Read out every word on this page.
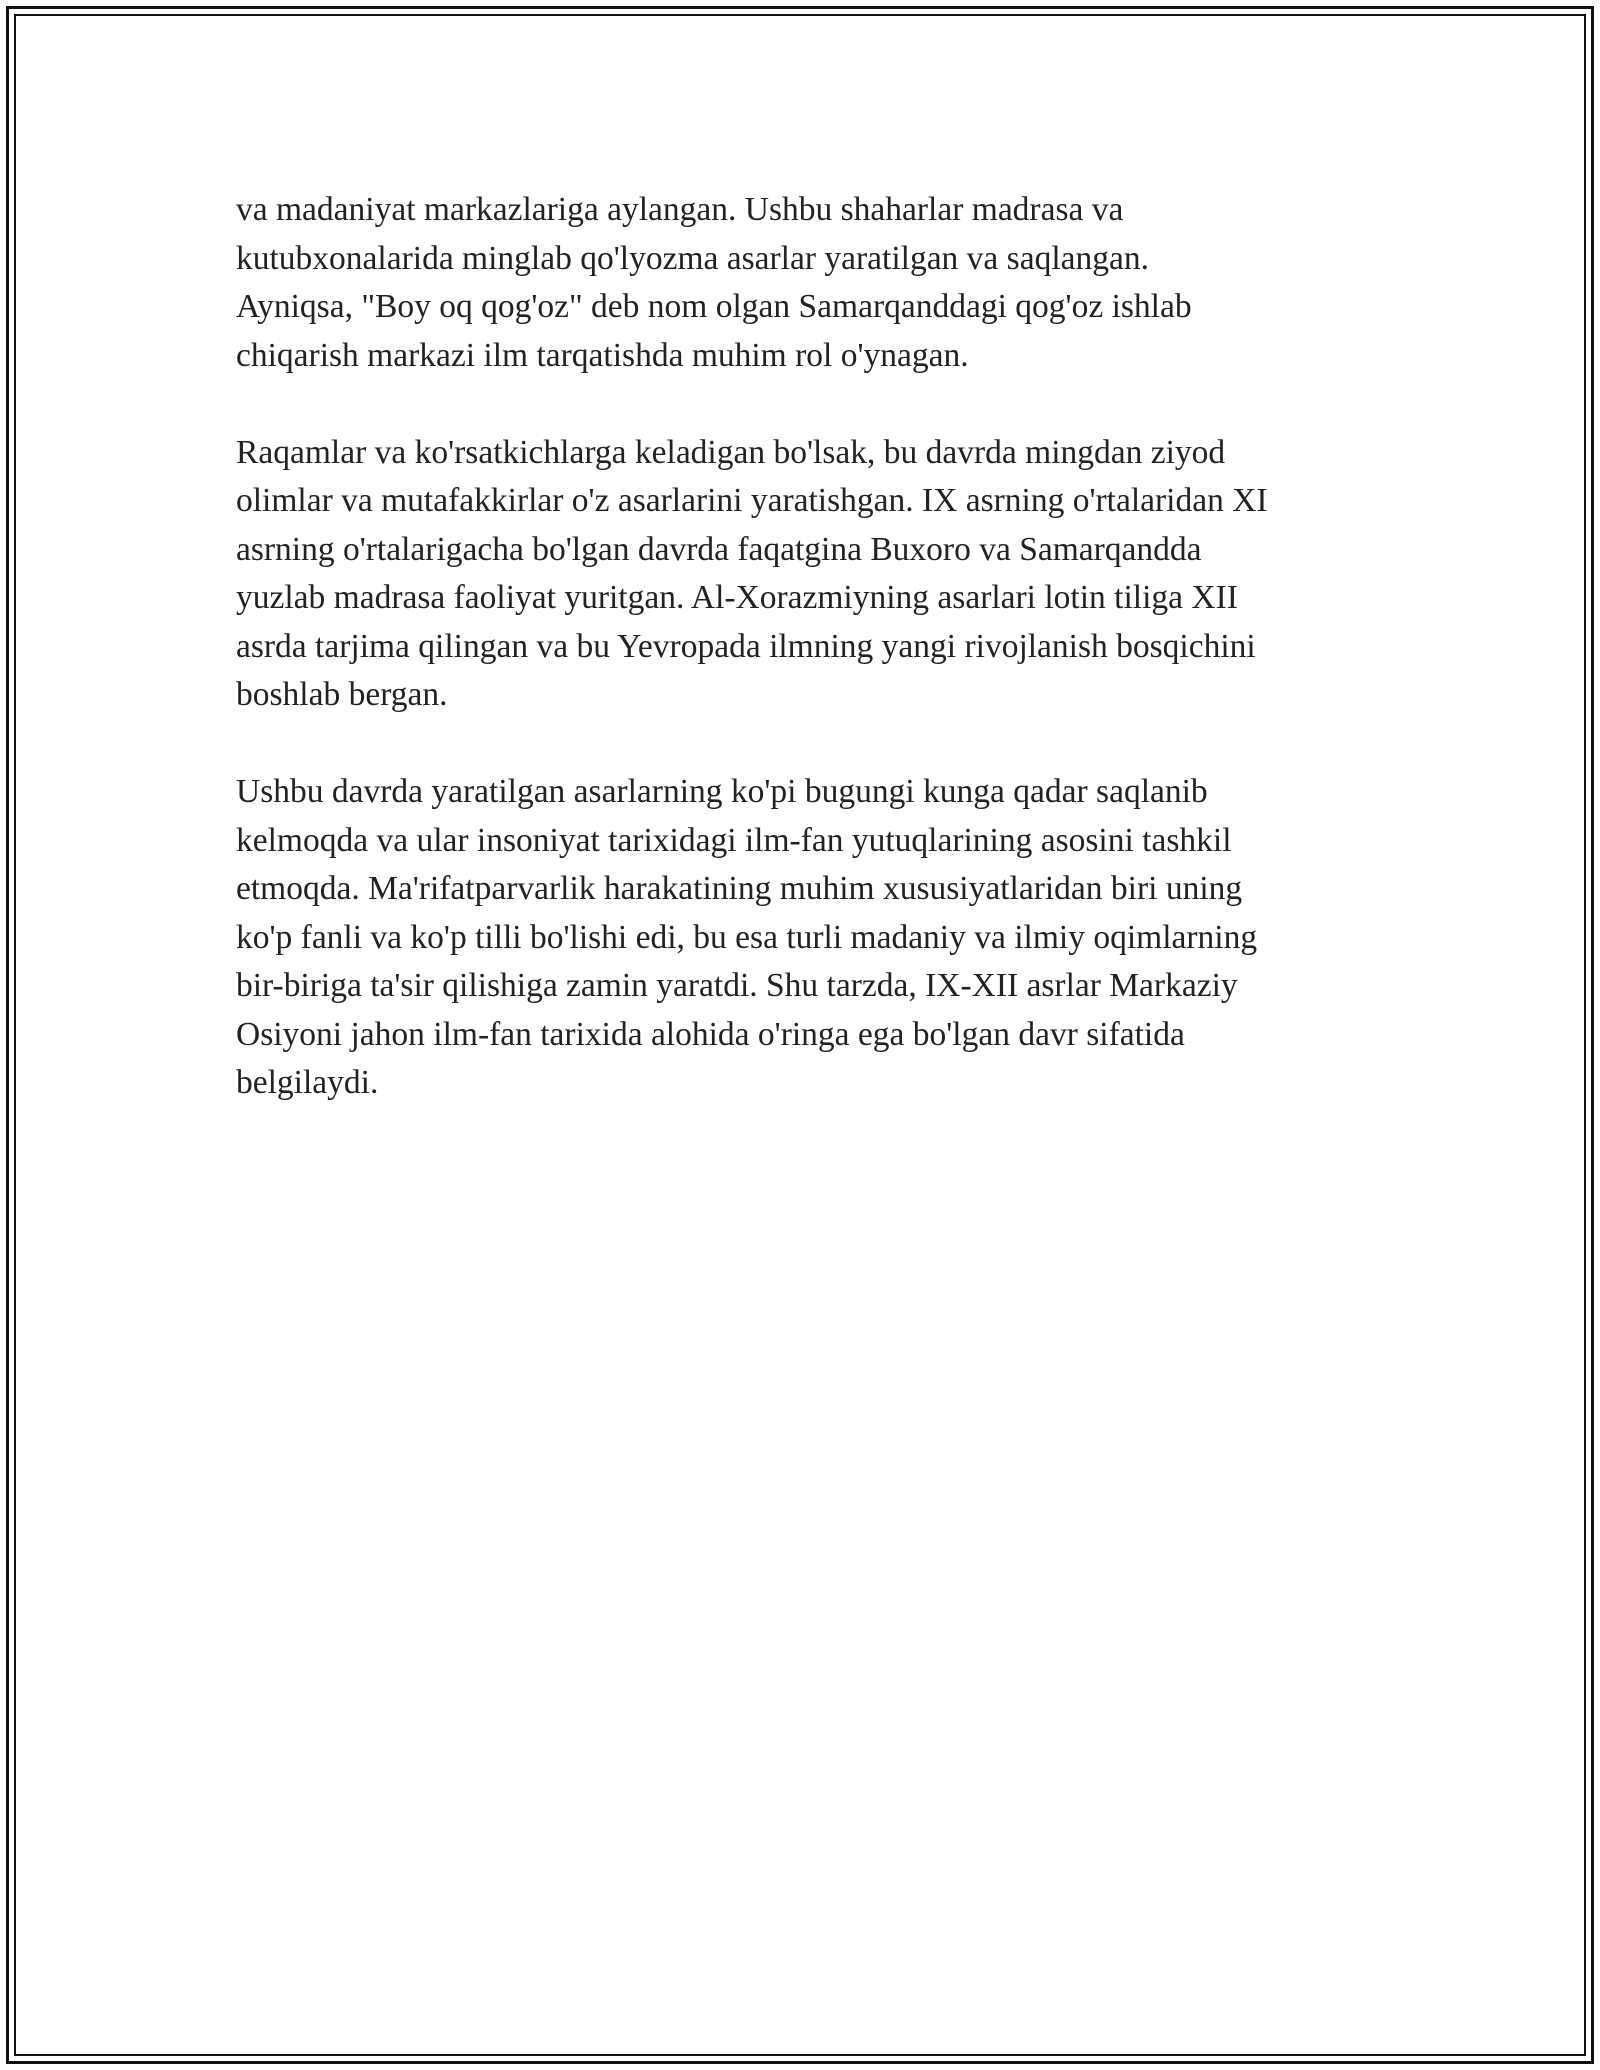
va madaniyat markazlariga aylangan. Ushbu shaharlar madrasa va
kutubxonalarida minglab qo'lyozma asarlar yaratilgan va saqlangan.
Ayniqsa, "Boy oq qog'oz" deb nom olgan Samarqanddagi qog'oz ishlab
chiqarish markazi ilm tarqatishda muhim rol o'ynagan.

Raqamlar va ko'rsatkichlarga keladigan bo'lsak, bu davrda mingdan ziyod
olimlar va mutafakkirlar o'z asarlarini yaratishgan. IX asrning o'rtalaridan XI
asrning o'rtalarigacha bo'lgan davrda faqatgina Buxoro va Samarqandda
yuzlab madrasa faoliyat yuritgan. Al-Xorazmiyning asarlari lotin tiliga XII
asrda tarjima qilingan va bu Yevropada ilmning yangi rivojlanish bosqichini
boshlab bergan.

Ushbu davrda yaratilgan asarlarning ko'pi bugungi kunga qadar saqlanib
kelmoqda va ular insoniyat tarixidagi ilm-fan yutuqlarining asosini tashkil
etmoqda. Ma'rifatparvarlik harakatining muhim xususiyatlaridan biri uning
ko'p fanli va ko'p tilli bo'lishi edi, bu esa turli madaniy va ilmiy oqimlarning
bir-biriga ta'sir qilishiga zamin yaratdi. Shu tarzda, IX-XII asrlar Markaziy
Osiyoni jahon ilm-fan tarixida alohida o'ringa ega bo'lgan davr sifatida
belgilaydi.
